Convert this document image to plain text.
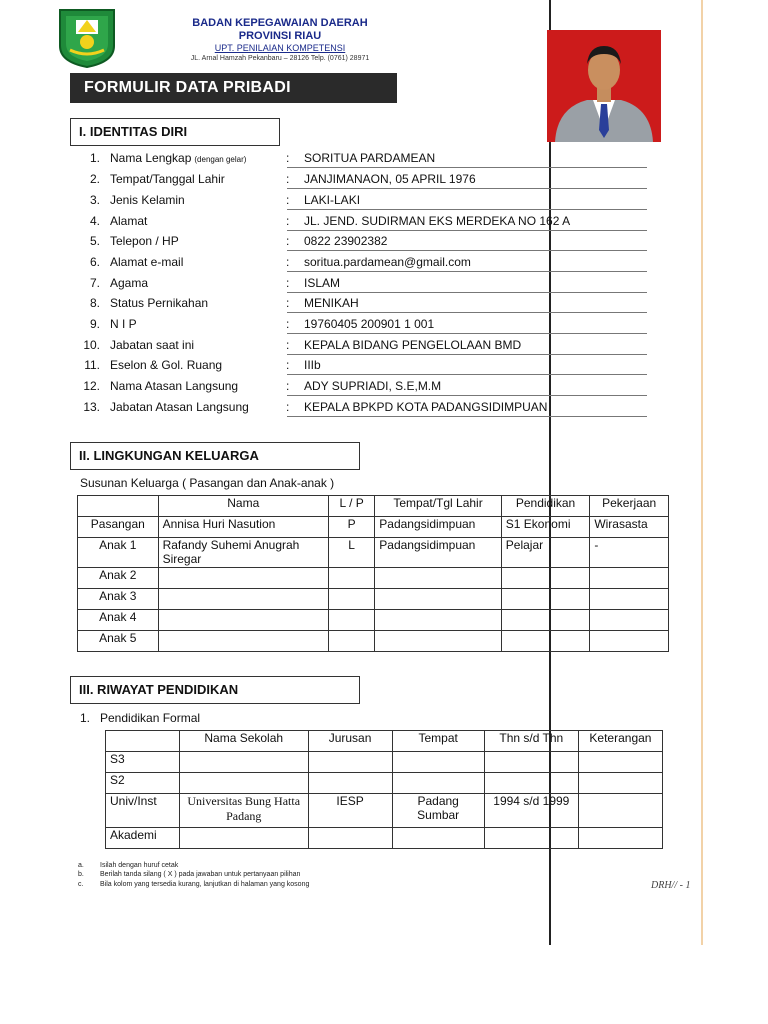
BADAN KEPEGAWAIAN DAERAH
PROVINSI RIAU
UPT. PENILAIAN KOMPETENSI
JL. Arnal Hamzah Pekanbaru – 28126 Telp. (0761) 28971
FORMULIR DATA PRIBADI
I. IDENTITAS DIRI
1. Nama Lengkap (dengan gelar)	: SORITUA PARDAMEAN
2. Tempat/Tanggal Lahir	: JANJIMANAON, 05 APRIL 1976
3. Jenis Kelamin	: LAKI-LAKI
4. Alamat	: JL. JEND. SUDIRMAN EKS MERDEKA NO 162 A
5. Telepon / HP	: 0822 23902382
6. Alamat e-mail	: soritua.pardamean@gmail.com
7. Agama	: ISLAM
8. Status Pernikahan	: MENIKAH
9. N I P	: 19760405 200901 1 001
10. Jabatan saat ini	: KEPALA BIDANG PENGELOLAAN BMD
11. Eselon & Gol. Ruang	: IIIb
12. Nama Atasan Langsung	: ADY SUPRIADI, S.E,M.M
13. Jabatan Atasan Langsung	: KEPALA BPKPD KOTA PADANGSIDIMPUAN
II. LINGKUNGAN KELUARGA
Susunan Keluarga ( Pasangan dan Anak-anak )
	Nama	L / P	Tempat/Tgl Lahir	Pendidikan	Pekerjaan
Pasangan	Annisa Huri Nasution	P	Padangsidimpuan	S1 Ekonomi	Wirasasta
Anak 1	Rafandy Suhemi Anugrah Siregar	L	Padangsidimpuan	Pelajar	-
Anak 2					
Anak 3					
Anak 4					
Anak 5					
III. RIWAYAT PENDIDIKAN
1. Pendidikan Formal
	Nama Sekolah	Jurusan	Tempat	Thn s/d Thn	Keterangan
S3					
S2					
Univ/Inst	Universitas Bung Hatta Padang	IESP	Padang Sumbar	1994 s/d 1999	
Akademi					
a. Isilah dengan huruf cetak
b. Berilah tanda silang ( X ) pada jawaban untuk pertanyaan pilihan
c. Bila kolom yang tersedia kurang, lanjutkan di halaman yang kosong	DRH// - 1
